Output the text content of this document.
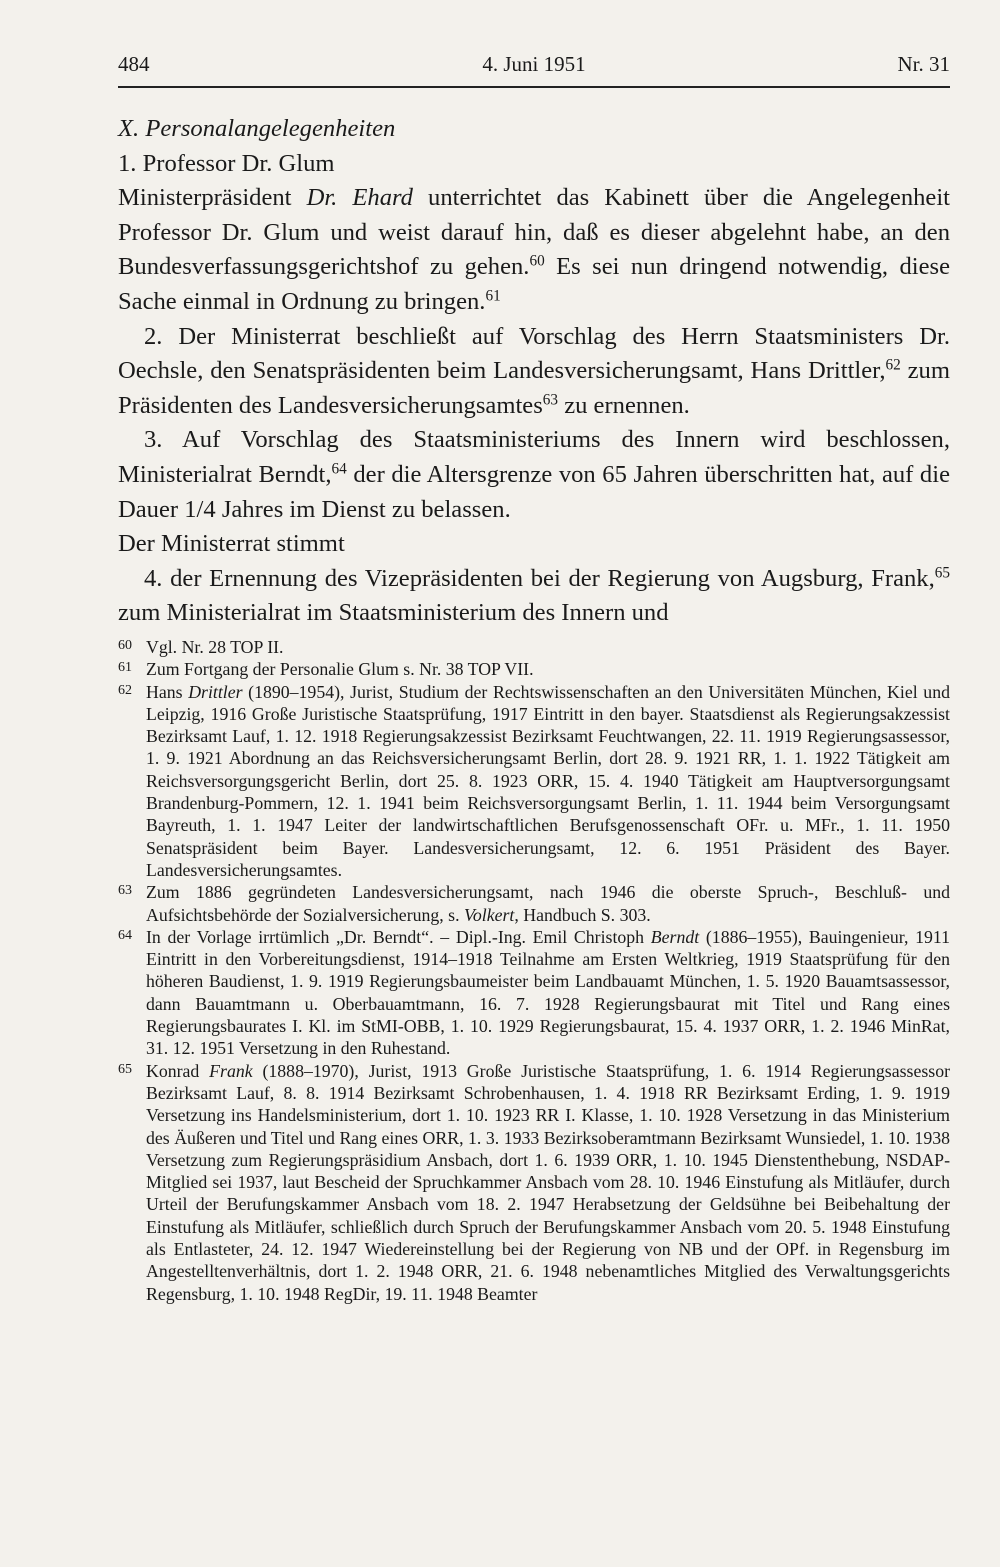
484	4. Juni 1951	Nr. 31

X. Personalangelegenheiten

1. Professor Dr. Glum

Ministerpräsident Dr. Ehard unterrichtet das Kabinett über die Angelegenheit Professor Dr. Glum und weist darauf hin, daß es dieser abgelehnt habe, an den Bundesverfassungsgerichtshof zu gehen.$^{60}$ Es sei nun dringend notwendig, diese Sache einmal in Ordnung zu bringen.$^{61}$

2. Der Ministerrat beschließt auf Vorschlag des Herrn Staatsministers Dr. Oechsle, den Senatspräsidenten beim Landesversicherungsamt, Hans Drittler,$^{62}$ zum Präsidenten des Landesversicherungsamtes$^{63}$ zu ernennen.

3. Auf Vorschlag des Staatsministeriums des Innern wird beschlossen, Ministerialrat Berndt,$^{64}$ der die Altersgrenze von 65 Jahren überschritten hat, auf die Dauer 1/4 Jahres im Dienst zu belassen.

Der Ministerrat stimmt

4. der Ernennung des Vizepräsidenten bei der Regierung von Augsburg, Frank,$^{65}$ zum Ministerialrat im Staatsministerium des Innern und

60 Vgl. Nr. 28 TOP II.
61 Zum Fortgang der Personalie Glum s. Nr. 38 TOP VII.
62 Hans Drittler (1890–1954), Jurist, Studium der Rechtswissenschaften an den Universitäten München, Kiel und Leipzig, 1916 Große Juristische Staatsprüfung, 1917 Eintritt in den bayer. Staatsdienst als Regierungsakzessist Bezirksamt Lauf, 1. 12. 1918 Regierungsakzessist Bezirksamt Feuchtwangen, 22. 11. 1919 Regierungsassessor, 1. 9. 1921 Abordnung an das Reichsversicherungsamt Berlin, dort 28. 9. 1921 RR, 1. 1. 1922 Tätigkeit am Reichsversorgungsgericht Berlin, dort 25. 8. 1923 ORR, 15. 4. 1940 Tätigkeit am Hauptversorgungsamt Brandenburg-Pommern, 12. 1. 1941 beim Reichsversorgungsamt Berlin, 1. 11. 1944 beim Versorgungsamt Bayreuth, 1. 1. 1947 Leiter der landwirtschaftlichen Berufsgenossenschaft OFr. u. MFr., 1. 11. 1950 Senatspräsident beim Bayer. Landesversicherungsamt, 12. 6. 1951 Präsident des Bayer. Landesversicherungsamtes.
63 Zum 1886 gegründeten Landesversicherungsamt, nach 1946 die oberste Spruch-, Beschluß- und Aufsichtsbehörde der Sozialversicherung, s. Volkert, Handbuch S. 303.
64 In der Vorlage irrtümlich „Dr. Berndt“. – Dipl.-Ing. Emil Christoph Berndt (1886–1955), Bauingenieur, 1911 Eintritt in den Vorbereitungsdienst, 1914–1918 Teilnahme am Ersten Weltkrieg, 1919 Staatsprüfung für den höheren Baudienst, 1. 9. 1919 Regierungsbaumeister beim Landbauamt München, 1. 5. 1920 Bauamtsassessor, dann Bauamtmann u. Oberbauamtmann, 16. 7. 1928 Regierungsbaurat mit Titel und Rang eines Regierungsbaurates I. Kl. im StMI-OBB, 1. 10. 1929 Regierungsbaurat, 15. 4. 1937 ORR, 1. 2. 1946 MinRat, 31. 12. 1951 Versetzung in den Ruhestand.
65 Konrad Frank (1888–1970), Jurist, 1913 Große Juristische Staatsprüfung, 1. 6. 1914 Regierungsassessor Bezirksamt Lauf, 8. 8. 1914 Bezirksamt Schrobenhausen, 1. 4. 1918 RR Bezirksamt Erding, 1. 9. 1919 Versetzung ins Handelsministerium, dort 1. 10. 1923 RR I. Klasse, 1. 10. 1928 Versetzung in das Ministerium des Äußeren und Titel und Rang eines ORR, 1. 3. 1933 Bezirksoberamtmann Bezirksamt Wunsiedel, 1. 10. 1938 Versetzung zum Regierungspräsidium Ansbach, dort 1. 6. 1939 ORR, 1. 10. 1945 Dienstenthebung, NSDAP-Mitglied sei 1937, laut Bescheid der Spruchkammer Ansbach vom 28. 10. 1946 Einstufung als Mitläufer, durch Urteil der Berufungskammer Ansbach vom 18. 2. 1947 Herabsetzung der Geldsühne bei Beibehaltung der Einstufung als Mitläufer, schließlich durch Spruch der Berufungskammer Ansbach vom 20. 5. 1948 Einstufung als Entlasteter, 24. 12. 1947 Wiedereinstellung bei der Regierung von NB und der OPf. in Regensburg im Angestelltenverhältnis, dort 1. 2. 1948 ORR, 21. 6. 1948 nebenamtliches Mitglied des Verwaltungsgerichts Regensburg, 1. 10. 1948 RegDir, 19. 11. 1948 Beamter
